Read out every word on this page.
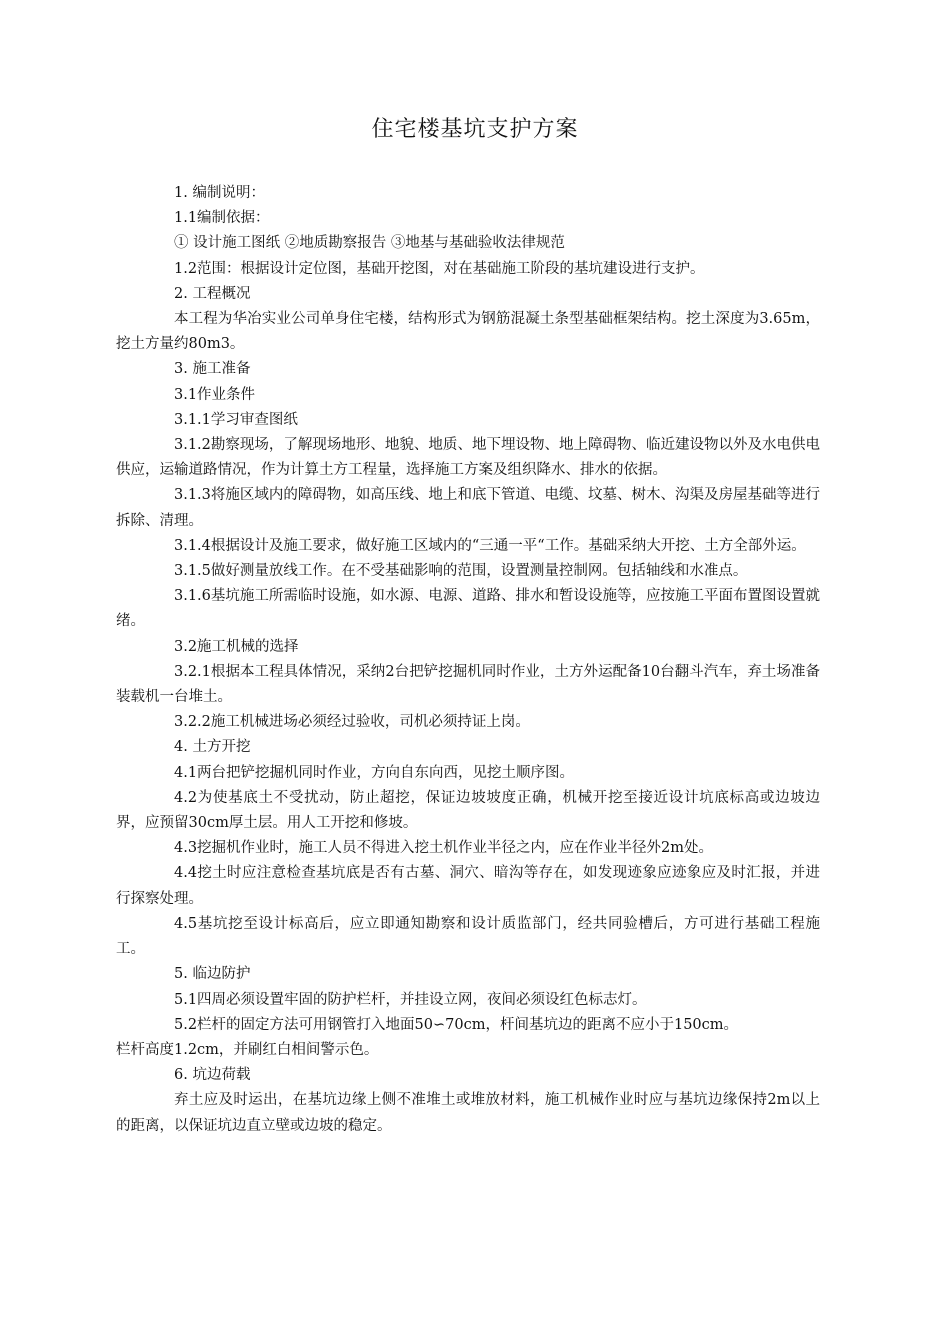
住宅楼基坑支护方案

1. 编制说明：

1.1编制依据：

① 设计施工图纸 ②地质勘察报告 ③地基与基础验收法律规范

1.2范围：根据设计定位图，基础开挖图，对在基础施工阶段的基坑建设进行支护。

2. 工程概况

本工程为华冶实业公司单身住宅楼，结构形式为钢筋混凝土条型基础框架结构。挖土深度为3.65m，挖土方量约80m3。

3. 施工准备

3.1作业条件

3.1.1学习审查图纸

3.1.2勘察现场，了解现场地形、地貌、地质、地下埋设物、地上障碍物、临近建设物以外及水电供电供应，运输道路情况，作为计算土方工程量，选择施工方案及组织降水、排水的依据。

3.1.3将施区域内的障碍物，如高压线、地上和底下管道、电缆、坟墓、树木、沟渠及房屋基础等进行拆除、清理。

3.1.4根据设计及施工要求，做好施工区域内的“三通一平“工作。基础采纳大开挖、土方全部外运。

3.1.5做好测量放线工作。在不受基础影响的范围，设置测量控制网。包括轴线和水准点。

3.1.6基坑施工所需临时设施，如水源、电源、道路、排水和暂设设施等，应按施工平面布置图设置就绪。

3.2施工机械的选择

3.2.1根据本工程具体情况，采纳2台把铲挖掘机同时作业，土方外运配备10台翻斗汽车，弃土场准备装载机一台堆土。

3.2.2施工机械进场必须经过验收，司机必须持证上岗。

4. 土方开挖

4.1两台把铲挖掘机同时作业，方向自东向西，见挖土顺序图。

4.2为使基底土不受扰动，防止超挖，保证边坡坡度正确，机械开挖至接近设计坑底标高或边坡边界，应预留30cm厚土层。用人工开挖和修坡。

4.3挖掘机作业时，施工人员不得进入挖土机作业半径之内，应在作业半径外2m处。

4.4挖土时应注意检查基坑底是否有古墓、洞穴、暗沟等存在，如发现迹象应迹象应及时汇报，并进行探察处理。

4.5基坑挖至设计标高后，应立即通知勘察和设计质监部门，经共同验槽后，方可进行基础工程施工。

5. 临边防护

5.1四周必须设置牢固的防护栏杆，并挂设立网，夜间必须设红色标志灯。

5.2栏杆的固定方法可用钢管打入地面50∽70cm，杆间基坑边的距离不应小于150cm。

栏杆高度1.2cm，并刷红白相间警示色。

6. 坑边荷载

弃土应及时运出，在基坑边缘上侧不准堆土或堆放材料，施工机械作业时应与基坑边缘保持2m以上的距离，以保证坑边直立壁或边坡的稳定。
